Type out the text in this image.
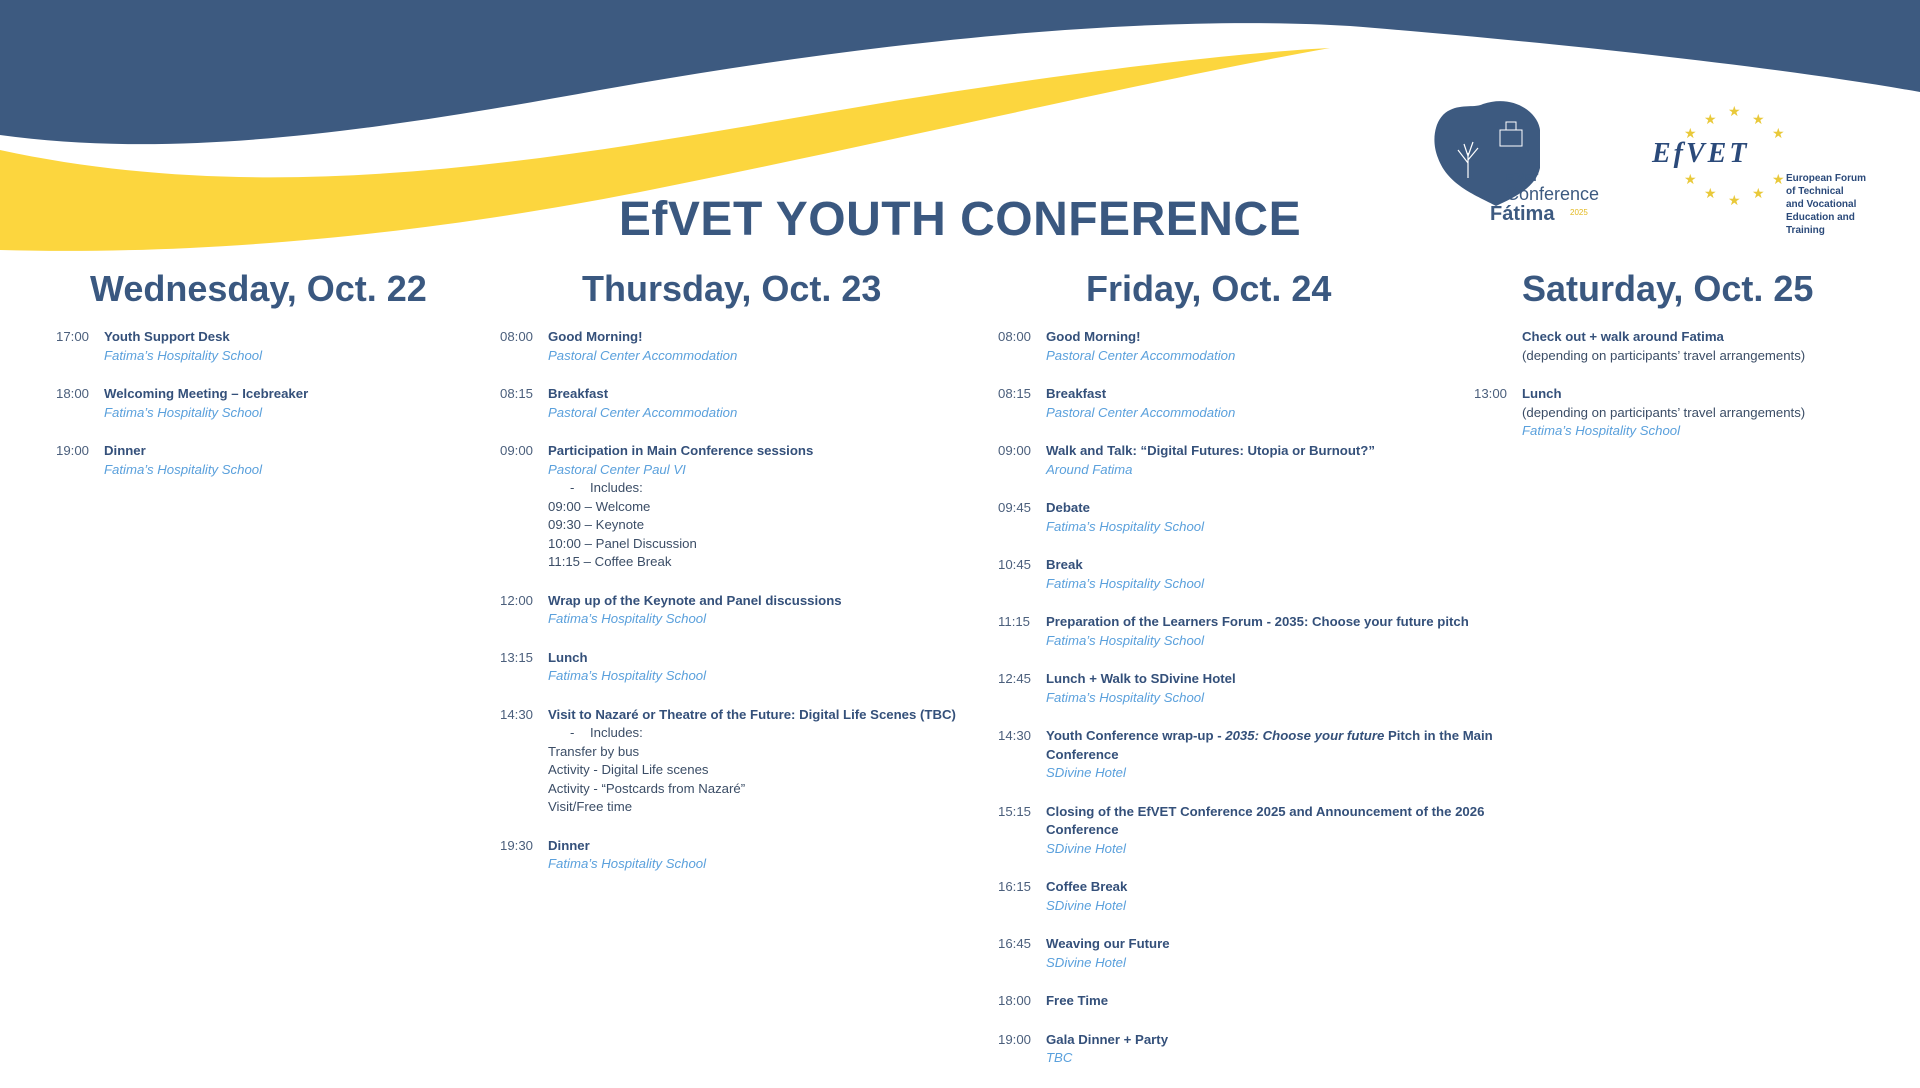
EfVET
Conference
Fátima 2025
★
★	★
★	★
★	★
★	★
★
EfVET
European Forum
of Technical
and Vocational
Education and Training
EfVET YOUTH CONFERENCE
Wednesday, Oct. 22
17:00 Youth Support Desk
Fatima’s Hospitality School
18:00 Welcoming Meeting – Icebreaker
Fatima’s Hospitality School
19:00 Dinner
Fatima’s Hospitality School
Thursday, Oct. 23
08:00 Good Morning!
Pastoral Center Accommodation
08:15 Breakfast
Pastoral Center Accommodation
09:00 Participation in Main Conference sessions
Pastoral Center Paul VI
- Includes:
09:00 – Welcome
09:30 – Keynote
10:00 – Panel Discussion
11:15 – Coffee Break
12:00 Wrap up of the Keynote and Panel discussions
Fatima’s Hospitality School
13:15 Lunch
Fatima’s Hospitality School
14:30 Visit to Nazaré or Theatre of the Future: Digital Life Scenes (TBC)
- Includes:
Transfer by bus
Activity - Digital Life scenes
Activity - “Postcards from Nazaré”
Visit/Free time
19:30 Dinner
Fatima’s Hospitality School
Friday, Oct. 24
08:00 Good Morning!
Pastoral Center Accommodation
08:15 Breakfast
Pastoral Center Accommodation
09:00 Walk and Talk: “Digital Futures: Utopia or Burnout?”
Around Fatima
09:45 Debate
Fatima’s Hospitality School
10:45 Break
Fatima’s Hospitality School
11:15 Preparation of the Learners Forum - 2035: Choose your future pitch
Fatima’s Hospitality School
12:45 Lunch + Walk to SDivine Hotel
Fatima’s Hospitality School
14:30 Youth Conference wrap-up - 2035: Choose your future Pitch in the Main Conference
SDivine Hotel
15:15 Closing of the EfVET Conference 2025 and Announcement of the 2026 Conference
SDivine Hotel
16:15 Coffee Break
SDivine Hotel
16:45 Weaving our Future
SDivine Hotel
18:00 Free Time
19:00 Gala Dinner + Party
TBC
Saturday, Oct. 25
Check out + walk around Fatima
(depending on participants’ travel arrangements)
13:00 Lunch
(depending on participants’ travel arrangements)
Fatima’s Hospitality School
